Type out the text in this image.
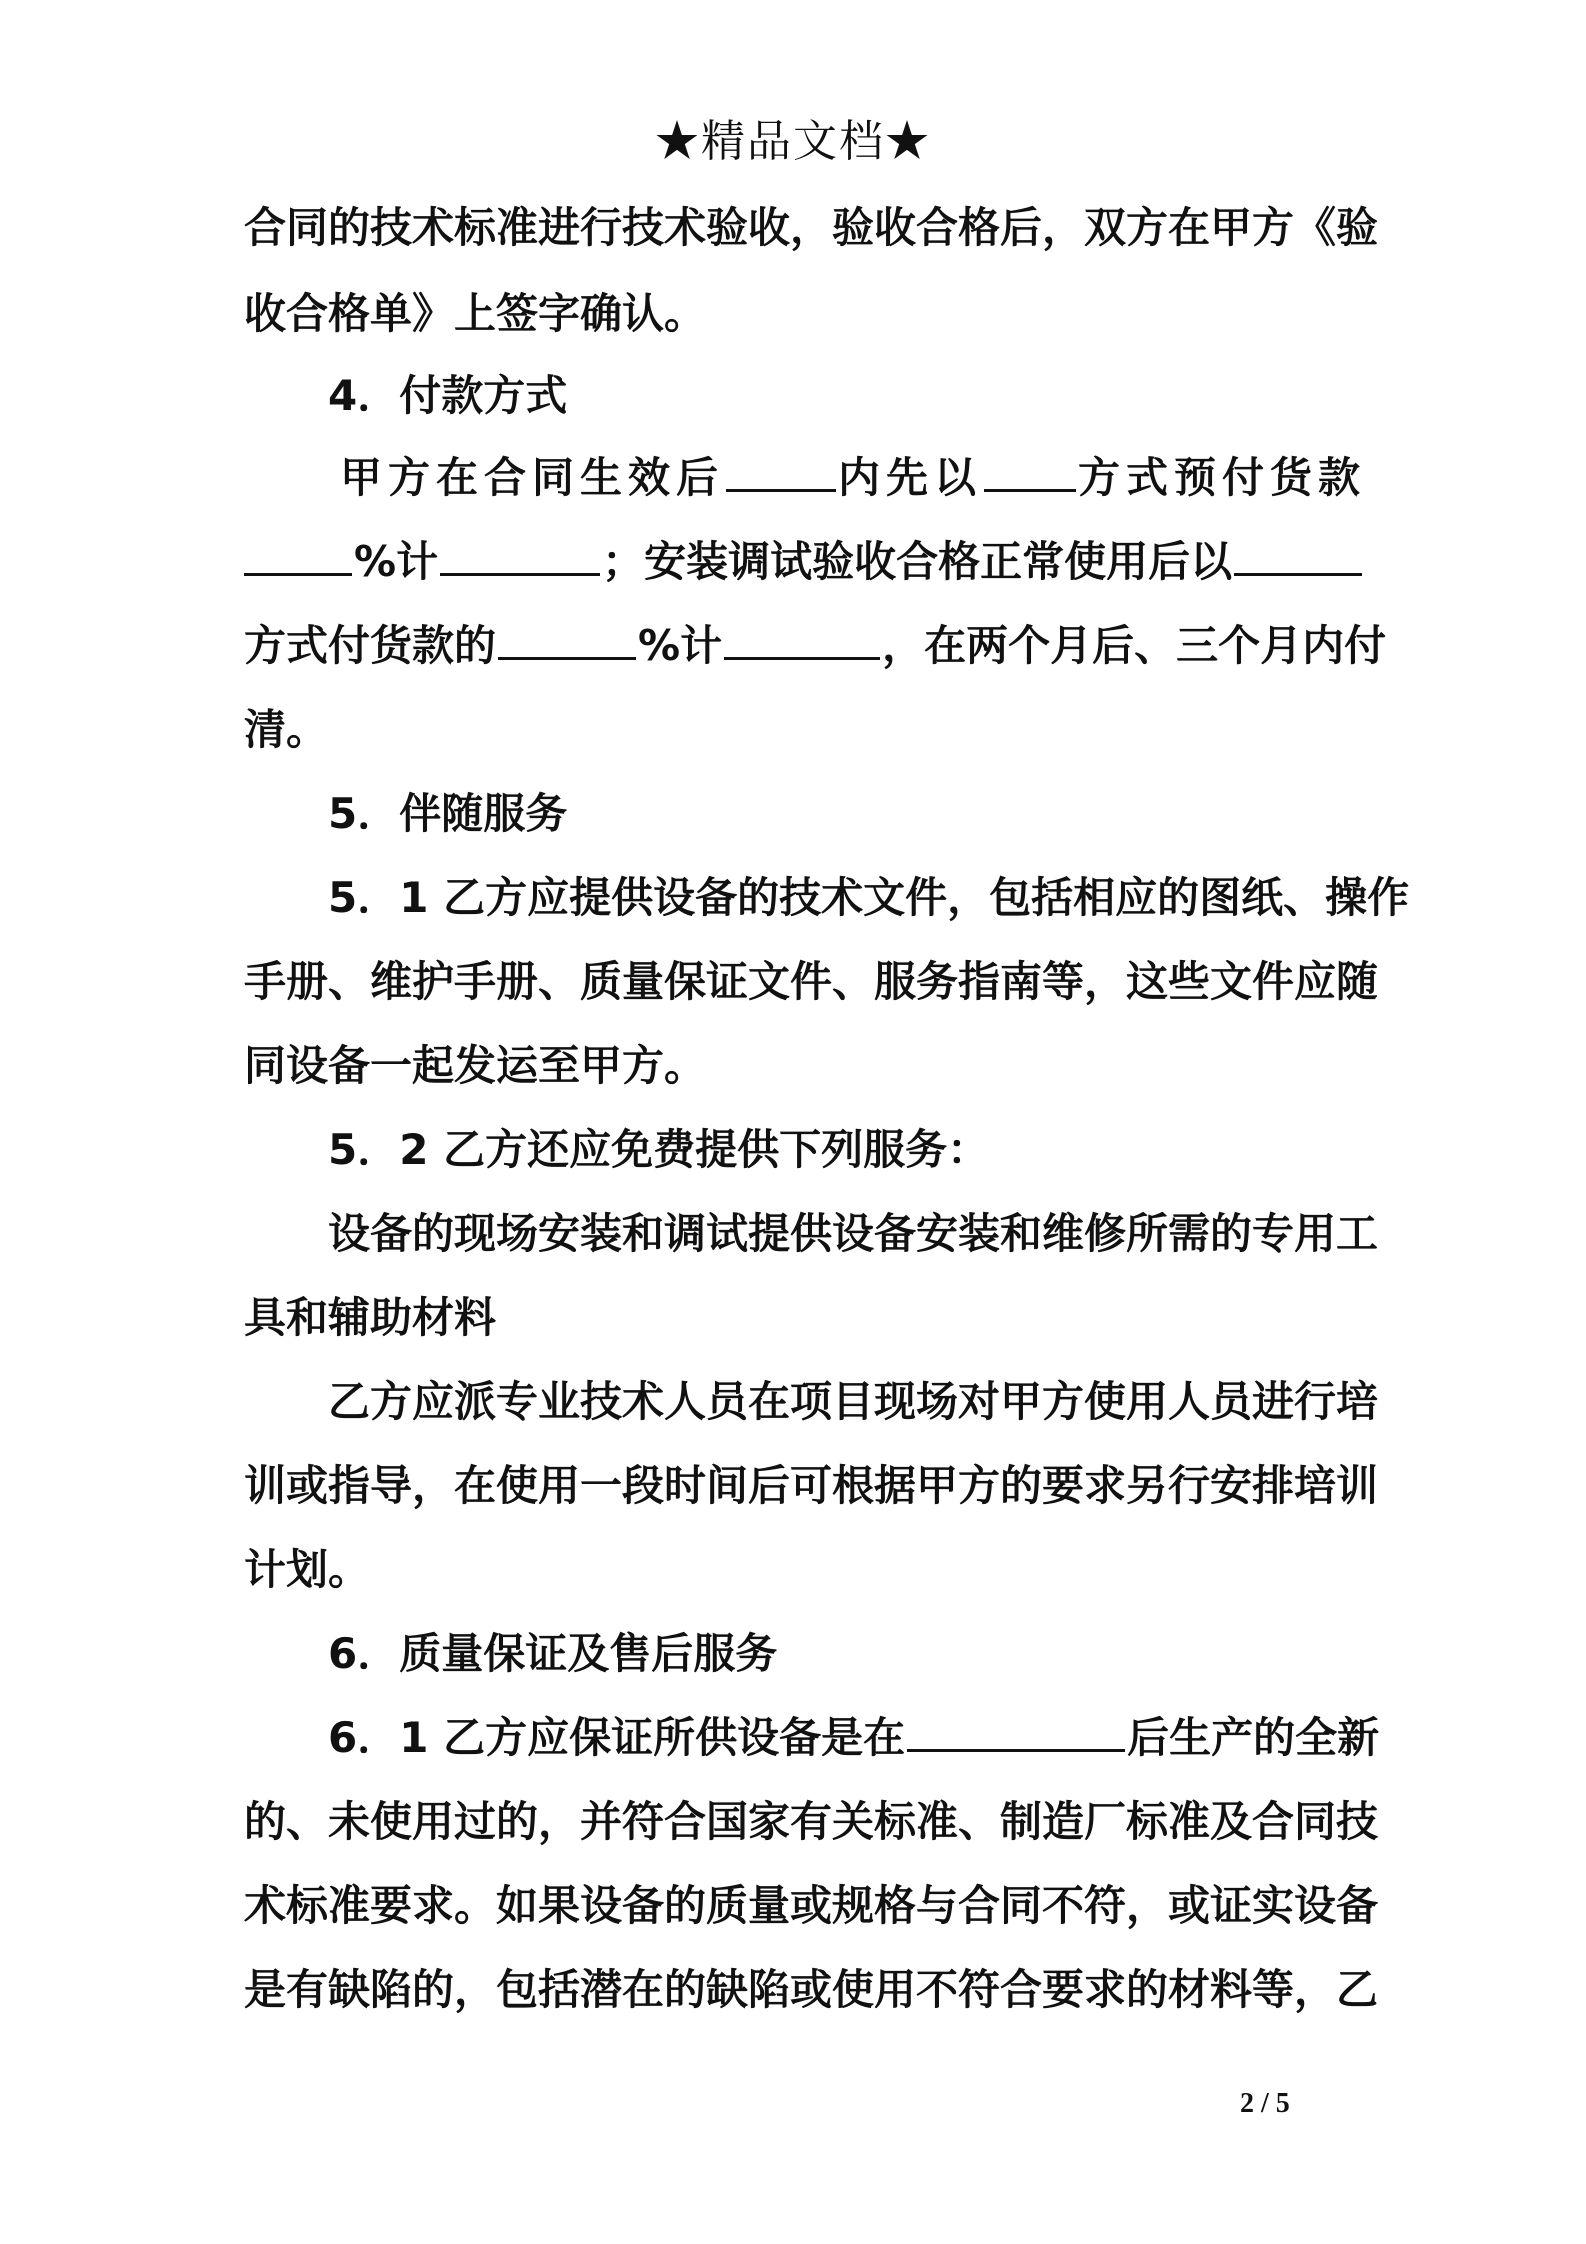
★精品文档★
合同的技术标准进行技术验收，验收合格后，双方在甲方《验
收合格单》上签字确认。
4．付款方式
甲方在合同生效后	内先以 方式预付货款
%计	；安装调试验收合格正常使用后以
方式付货款的	%计	，在两个月后、三个月内付
清。
5．伴随服务
5．1 乙方应提供设备的技术文件，包括相应的图纸、操作
手册、维护手册、质量保证文件、服务指南等，这些文件应随
同设备一起发运至甲方。
5．2 乙方还应免费提供下列服务：
设备的现场安装和调试提供设备安装和维修所需的专用工
具和辅助材料
乙方应派专业技术人员在项目现场对甲方使用人员进行培
训或指导，在使用一段时间后可根据甲方的要求另行安排培训
计划。
6．质量保证及售后服务
6．1 乙方应保证所供设备是在	后生产的全新
的、未使用过的，并符合国家有关标准、制造厂标准及合同技
术标准要求。如果设备的质量或规格与合同不符，或证实设备
是有缺陷的，包括潜在的缺陷或使用不符合要求的材料等，乙
2 / 5
